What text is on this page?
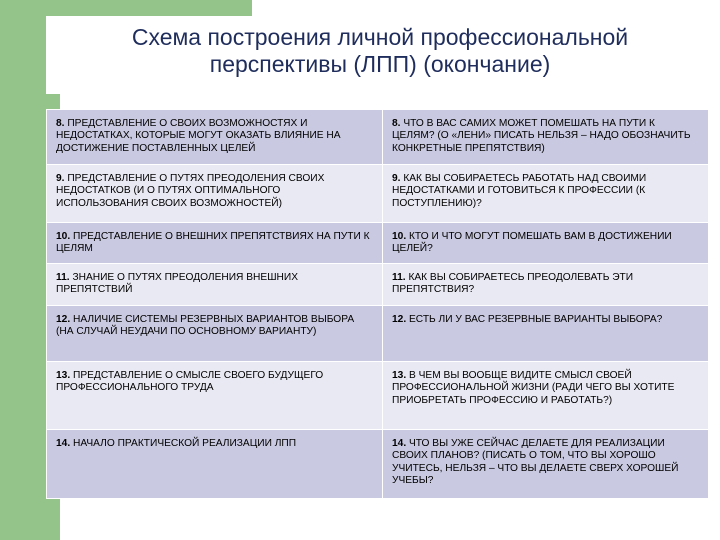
Схема построения личной профессиональной
перспективы (ЛПП) (окончание)
8. ПРЕДСТАВЛЕНИЕ О СВОИХ ВОЗМОЖНОСТЯХ И НЕДОСТАТКАХ, КОТОРЫЕ МОГУТ ОКАЗАТЬ ВЛИЯНИЕ НА ДОСТИЖЕНИЕ ПОСТАВЛЕННЫХ ЦЕЛЕЙ	8. ЧТО В ВАС САМИХ МОЖЕТ ПОМЕШАТЬ НА ПУТИ К ЦЕЛЯМ? (О «ЛЕНИ» ПИСАТЬ НЕЛЬЗЯ – НАДО ОБОЗНАЧИТЬ КОНКРЕТНЫЕ ПРЕПЯТСТВИЯ)
9. ПРЕДСТАВЛЕНИЕ О ПУТЯХ ПРЕОДОЛЕНИЯ СВОИХ НЕДОСТАТКОВ (И О ПУТЯХ ОПТИМАЛЬНОГО ИСПОЛЬЗОВАНИЯ СВОИХ ВОЗМОЖНОСТЕЙ)	9. КАК ВЫ СОБИРАЕТЕСЬ РАБОТАТЬ НАД СВОИМИ НЕДОСТАТКАМИ И ГОТОВИТЬСЯ К ПРОФЕССИИ (К ПОСТУПЛЕНИЮ)?
10. ПРЕДСТАВЛЕНИЕ О ВНЕШНИХ ПРЕПЯТСТВИЯХ НА ПУТИ К ЦЕЛЯМ	10. КТО И ЧТО МОГУТ ПОМЕШАТЬ ВАМ В ДОСТИЖЕНИИ ЦЕЛЕЙ?
11. ЗНАНИЕ О ПУТЯХ ПРЕОДОЛЕНИЯ ВНЕШНИХ ПРЕПЯТСТВИЙ	11. КАК ВЫ СОБИРАЕТЕСЬ ПРЕОДОЛЕВАТЬ ЭТИ ПРЕПЯТСТВИЯ?
12. НАЛИЧИЕ СИСТЕМЫ РЕЗЕРВНЫХ ВАРИАНТОВ ВЫБОРА (НА СЛУЧАЙ НЕУДАЧИ ПО ОСНОВНОМУ ВАРИАНТУ)	12. ЕСТЬ ЛИ У ВАС РЕЗЕРВНЫЕ ВАРИАНТЫ ВЫБОРА?
13. ПРЕДСТАВЛЕНИЕ О СМЫСЛЕ СВОЕГО БУДУЩЕГО ПРОФЕССИОНАЛЬНОГО ТРУДА	13. В ЧЕМ ВЫ ВООБЩЕ ВИДИТЕ СМЫСЛ СВОЕЙ ПРОФЕССИОНАЛЬНОЙ ЖИЗНИ (РАДИ ЧЕГО ВЫ ХОТИТЕ ПРИОБРЕТАТЬ ПРОФЕССИЮ И РАБОТАТЬ?)
14. НАЧАЛО ПРАКТИЧЕСКОЙ РЕАЛИЗАЦИИ ЛПП	14. ЧТО ВЫ УЖЕ СЕЙЧАС ДЕЛАЕТЕ ДЛЯ РЕАЛИЗАЦИИ СВОИХ ПЛАНОВ? (ПИСАТЬ О ТОМ, ЧТО ВЫ ХОРОШО УЧИТЕСЬ, НЕЛЬЗЯ – ЧТО ВЫ ДЕЛАЕТЕ СВЕРХ ХОРОШЕЙ УЧЕБЫ?
